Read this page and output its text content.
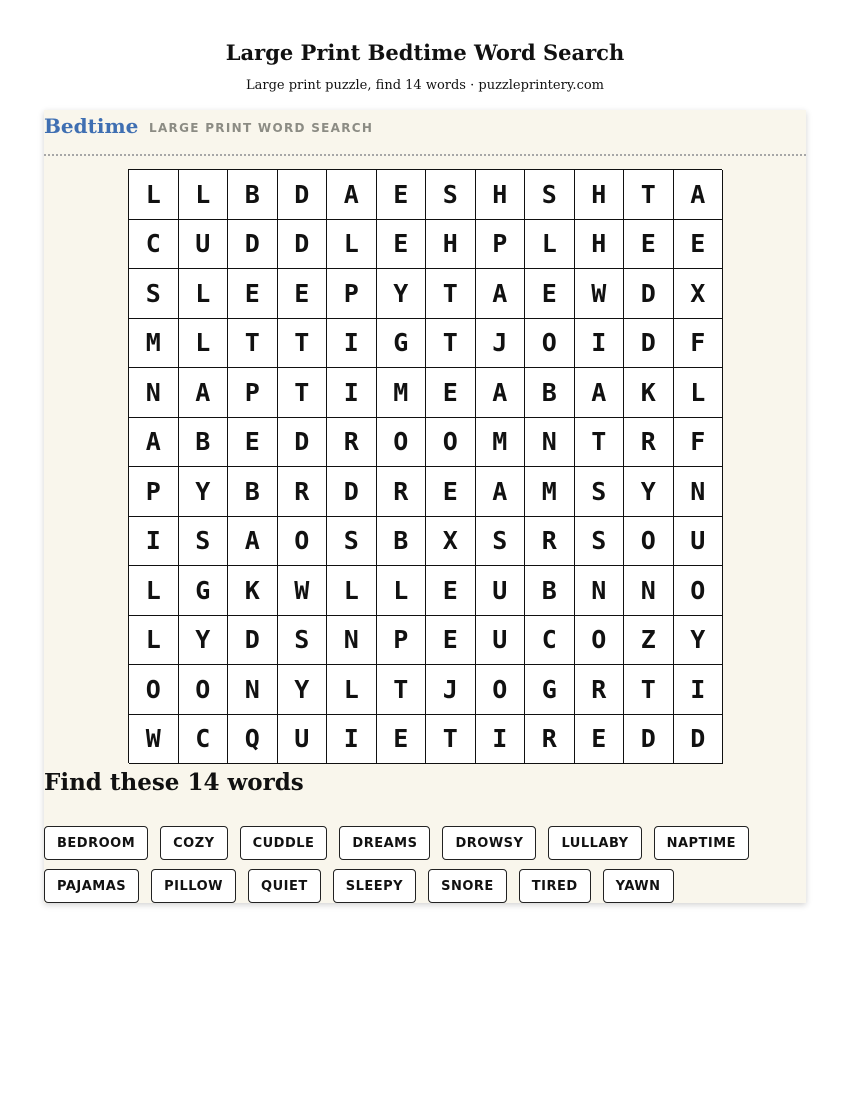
Large Print Bedtime Word Search

Large print puzzle, find 14 words · puzzleprintery.com

Bedtime LARGE PRINT WORD SEARCH
L	L	B	D	A	E	S	H	S	H	T	A
C	U	D	D	L	E	H	P	L	H	E	E
S	L	E	E	P	Y	T	A	E	W	D	X
M	L	T	T	I	G	T	J	O	I	D	F
N	A	P	T	I	M	E	A	B	A	K	L
A	B	E	D	R	O	O	M	N	T	R	F
P	Y	B	R	D	R	E	A	M	S	Y	N
I	S	A	O	S	B	X	S	R	S	O	U
L	G	K	W	L	L	E	U	B	N	N	O
L	Y	D	S	N	P	E	U	C	O	Z	Y
O	O	N	Y	L	T	J	O	G	R	T	I
W	C	Q	U	I	E	T	I	R	E	D	D
Find these 14 words
BEDROOM	COZY	CUDDLE	DREAMS	DROWSY	LULLABY	NAPTIME
PAJAMAS	PILLOW	QUIET	SLEEPY	SNORE	TIRED	YAWN
